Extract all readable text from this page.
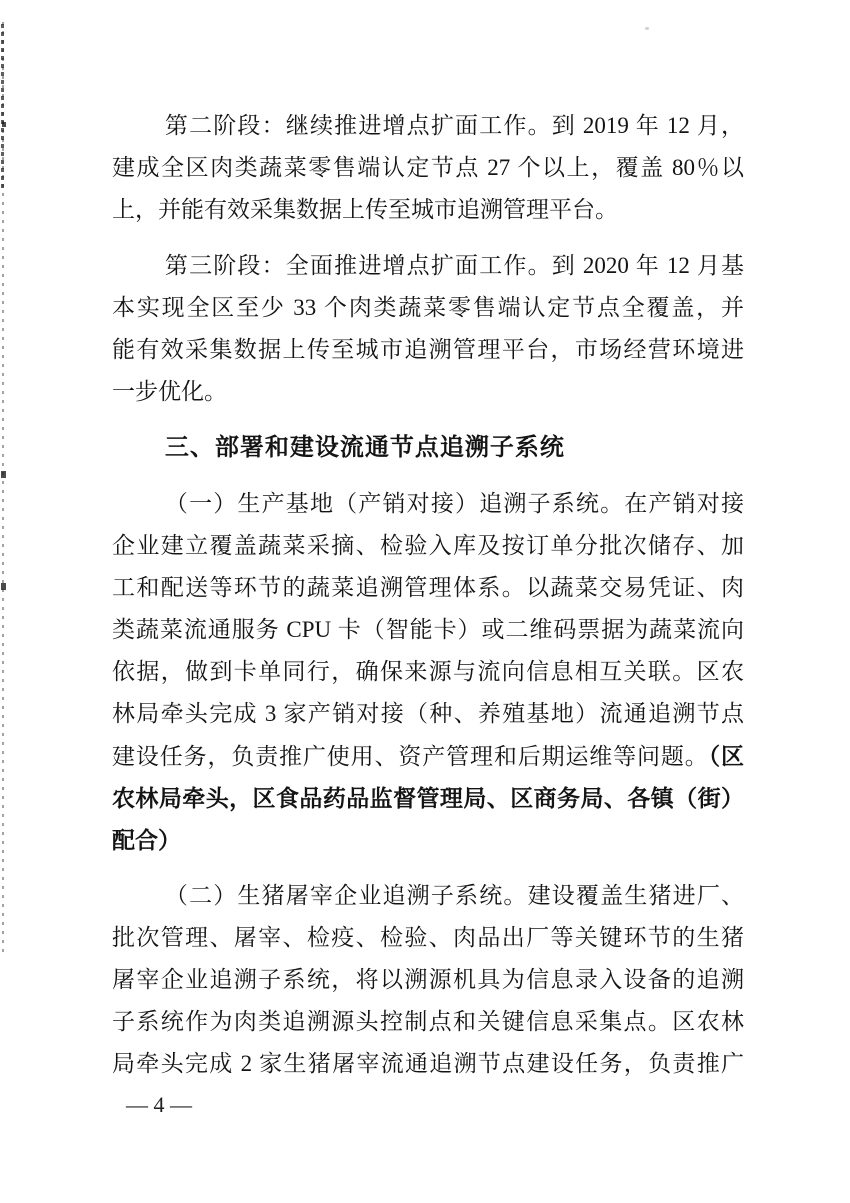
第二阶段：继续推进增点扩面工作。到 2019 年 12 月，
建成全区肉类蔬菜零售端认定节点 27 个以上，覆盖 80％以
上，并能有效采集数据上传至城市追溯管理平台。
第三阶段：全面推进增点扩面工作。到 2020 年 12 月基
本实现全区至少 33 个肉类蔬菜零售端认定节点全覆盖，并
能有效采集数据上传至城市追溯管理平台，市场经营环境进
一步优化。
三、部署和建设流通节点追溯子系统
（一）生产基地（产销对接）追溯子系统。在产销对接
企业建立覆盖蔬菜采摘、检验入库及按订单分批次储存、加
工和配送等环节的蔬菜追溯管理体系。以蔬菜交易凭证、肉
类蔬菜流通服务 CPU 卡（智能卡）或二维码票据为蔬菜流向
依据，做到卡单同行，确保来源与流向信息相互关联。区农
林局牵头完成 3 家产销对接（种、养殖基地）流通追溯节点
建设任务，负责推广使用、资产管理和后期运维等问题。（区
农林局牵头，区食品药品监督管理局、区商务局、各镇（街）
配合）
（二）生猪屠宰企业追溯子系统。建设覆盖生猪进厂、
批次管理、屠宰、检疫、检验、肉品出厂等关键环节的生猪
屠宰企业追溯子系统，将以溯源机具为信息录入设备的追溯
子系统作为肉类追溯源头控制点和关键信息采集点。区农林
局牵头完成 2 家生猪屠宰流通追溯节点建设任务，负责推广
— 4 —
